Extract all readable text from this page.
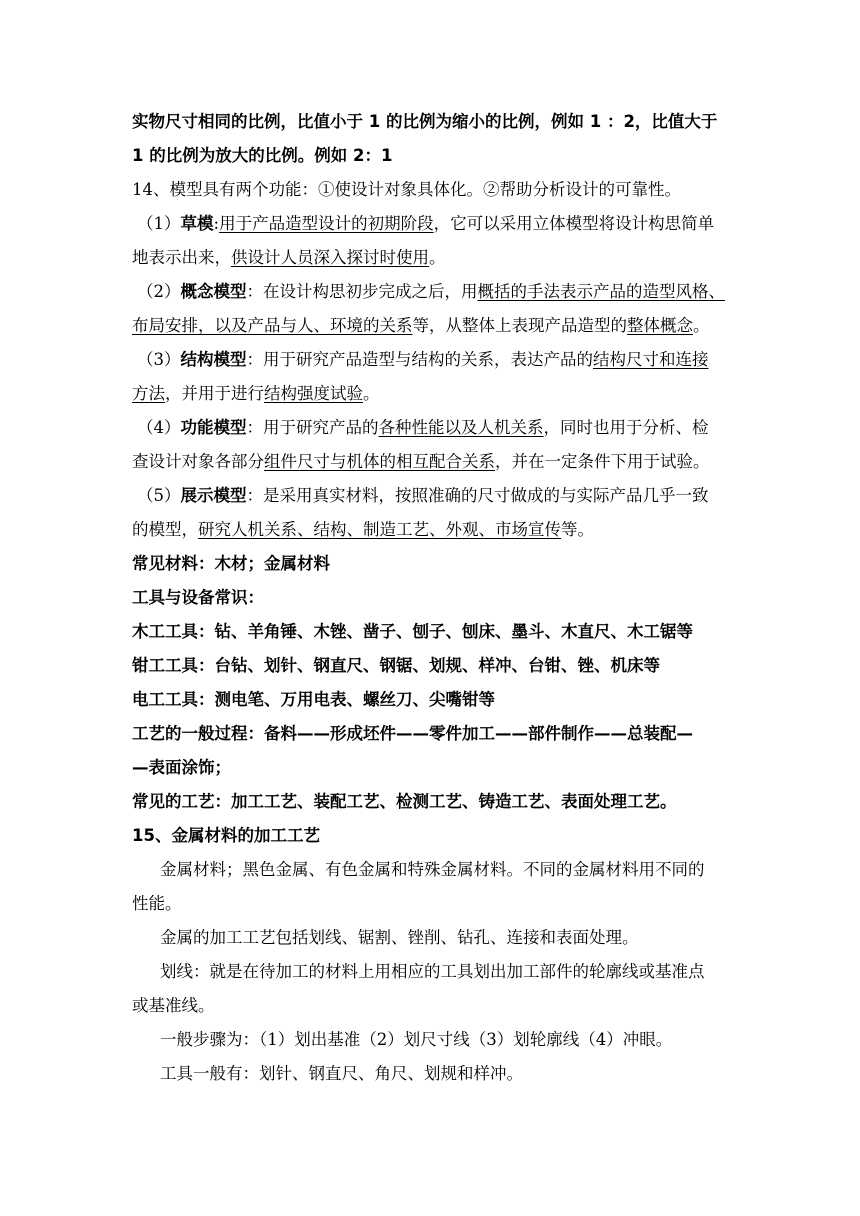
实物尺寸相同的比例，比值小于 1 的比例为缩小的比例，例如 1 ：2，比值大于
1 的比例为放大的比例。例如 2：1
14、模型具有两个功能：①使设计对象具体化。②帮助分析设计的可靠性。
（1）草模:用于产品造型设计的初期阶段，它可以采用立体模型将设计构思简单
地表示出来，供设计人员深入探讨时使用。
（2）概念模型：在设计构思初步完成之后，用概括的手法表示产品的造型风格、
布局安排，以及产品与人、环境的关系等，从整体上表现产品造型的整体概念。
（3）结构模型：用于研究产品造型与结构的关系，表达产品的结构尺寸和连接
方法，并用于进行结构强度试验。
（4）功能模型：用于研究产品的各种性能以及人机关系，同时也用于分析、检
查设计对象各部分组件尺寸与机体的相互配合关系，并在一定条件下用于试验。
（5）展示模型：是采用真实材料，按照准确的尺寸做成的与实际产品几乎一致
的模型，研究人机关系、结构、制造工艺、外观、市场宣传等。
常见材料：木材；金属材料
工具与设备常识：
木工工具：钻、羊角锤、木锉、凿子、刨子、刨床、墨斗、木直尺、木工锯等
钳工工具：台钻、划针、钢直尺、钢锯、划规、样冲、台钳、锉、机床等
电工工具：测电笔、万用电表、螺丝刀、尖嘴钳等
工艺的一般过程：备料——形成坯件——零件加工——部件制作——总装配—
—表面涂饰；
常见的工艺：加工工艺、装配工艺、检测工艺、铸造工艺、表面处理工艺。
15、金属材料的加工工艺
金属材料；黑色金属、有色金属和特殊金属材料。不同的金属材料用不同的
性能。
金属的加工工艺包括划线、锯割、锉削、钻孔、连接和表面处理。
划线：就是在待加工的材料上用相应的工具划出加工部件的轮廓线或基准点
或基准线。
一般步骤为：（1）划出基准（2）划尺寸线（3）划轮廓线（4）冲眼。
工具一般有：划针、钢直尺、角尺、划规和样冲。
